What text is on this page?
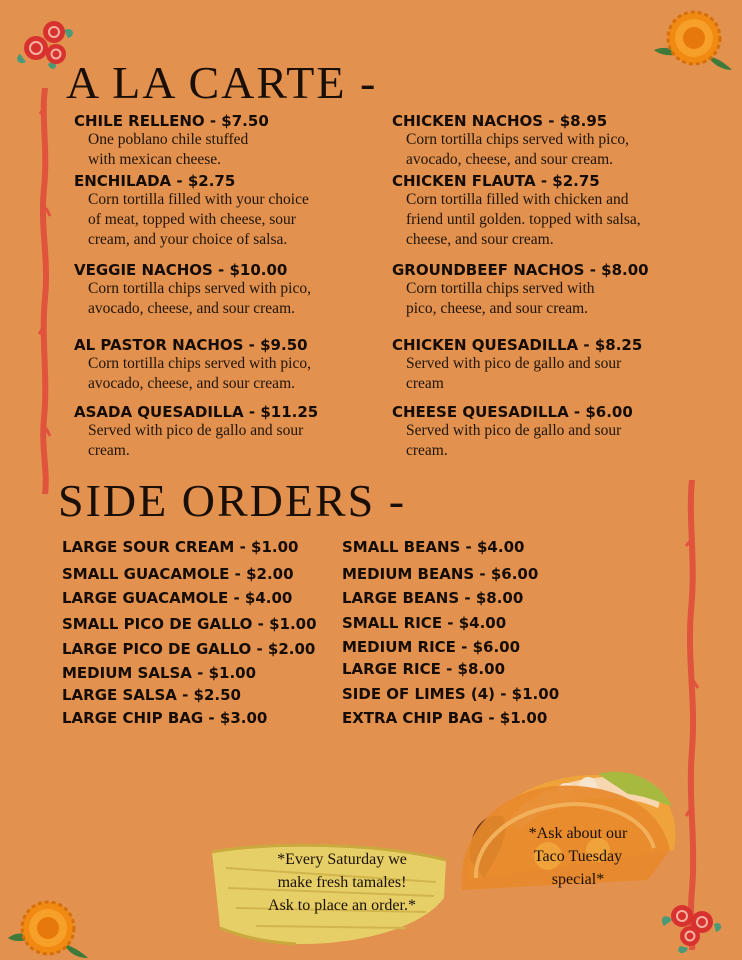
A LA CARTE -
CHILE RELLENO - $7.50
One poblano chile stuffed
with mexican cheese.
ENCHILADA - $2.75
Corn tortilla filled with your choice
of meat, topped with cheese, sour
cream, and your choice of salsa.
VEGGIE NACHOS - $10.00
Corn tortilla chips served with pico,
avocado, cheese, and sour cream.
AL PASTOR NACHOS - $9.50
Corn tortilla chips served with pico,
avocado, cheese, and sour cream.
ASADA QUESADILLA - $11.25
Served with pico de gallo and sour
cream.
CHICKEN NACHOS - $8.95
Corn tortilla chips served with pico,
avocado, cheese, and sour cream.
CHICKEN FLAUTA - $2.75
Corn tortilla filled with chicken and
friend until golden. topped with salsa,
cheese, and sour cream.
GROUNDBEEF NACHOS - $8.00
Corn tortilla chips served with
pico, cheese, and sour cream.
CHICKEN QUESADILLA - $8.25
Served with pico de gallo and sour
cream
CHEESE QUESADILLA - $6.00
Served with pico de gallo and sour
cream.
SIDE ORDERS -
LARGE SOUR CREAM - $1.00
SMALL GUACAMOLE - $2.00
LARGE GUACAMOLE - $4.00
SMALL PICO DE GALLO - $1.00
LARGE PICO DE GALLO - $2.00
MEDIUM SALSA - $1.00
LARGE SALSA - $2.50
LARGE CHIP BAG - $3.00
SMALL BEANS - $4.00
MEDIUM BEANS - $6.00
LARGE BEANS - $8.00
SMALL RICE - $4.00
MEDIUM RICE - $6.00
LARGE RICE - $8.00
SIDE OF LIMES (4) - $1.00
EXTRA CHIP BAG - $1.00
*Every Saturday we
make fresh tamales!
Ask to place an order.*
*Ask about our
Taco Tuesday
special*
